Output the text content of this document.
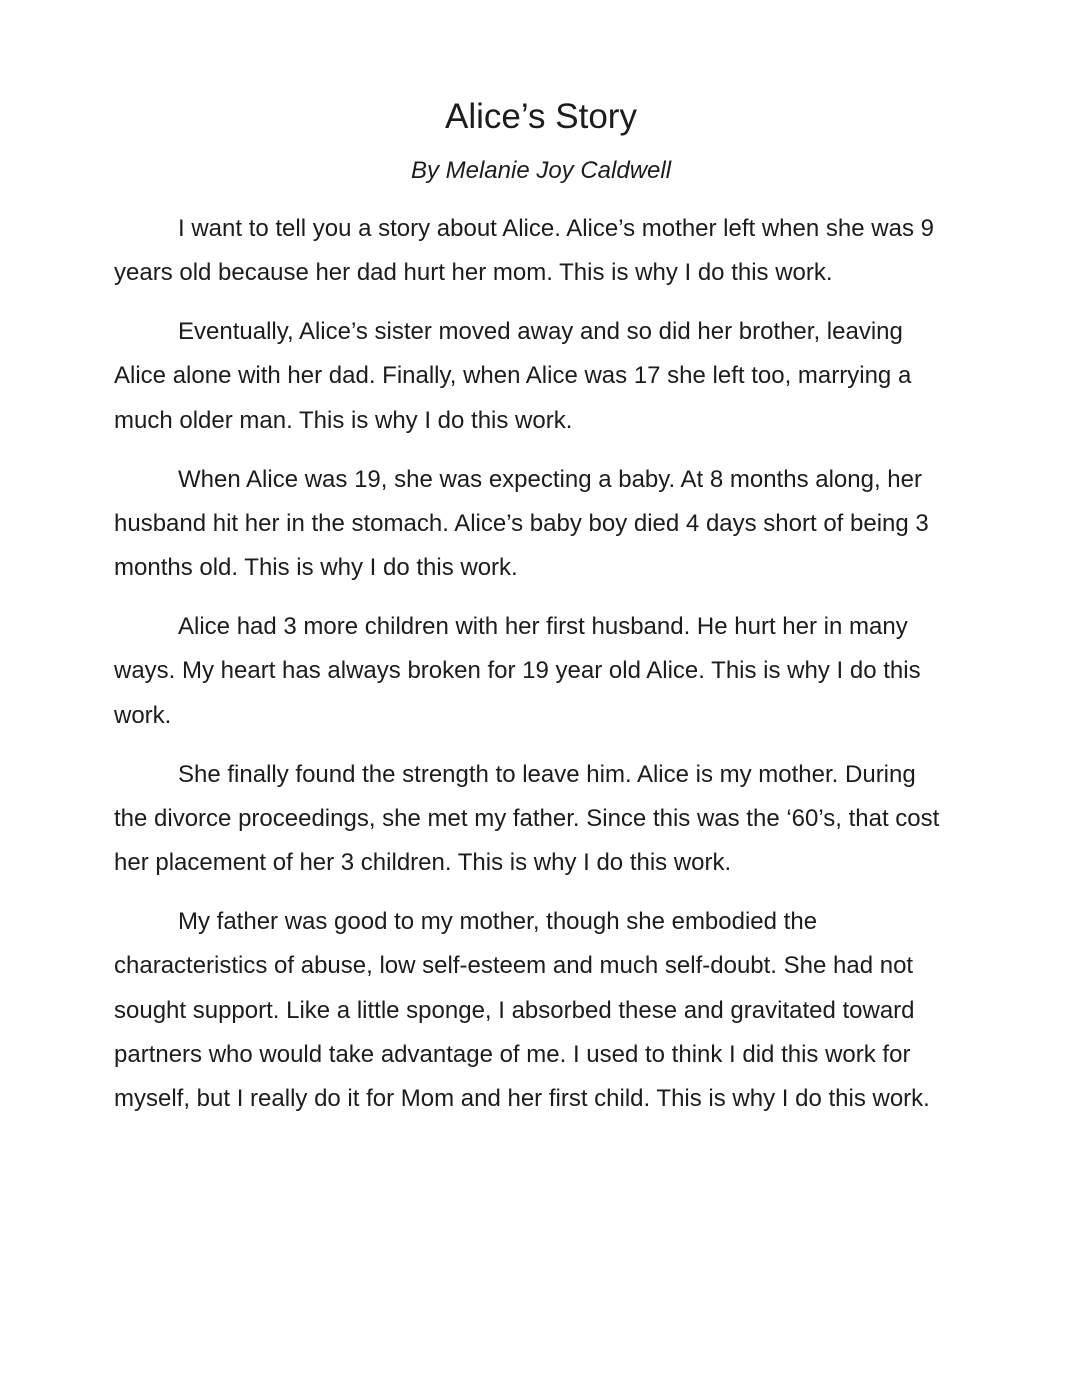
Alice’s Story

By Melanie Joy Caldwell

I want to tell you a story about Alice. Alice’s mother left when she was 9
years old because her dad hurt her mom. This is why I do this work.

Eventually, Alice’s sister moved away and so did her brother, leaving
Alice alone with her dad. Finally, when Alice was 17 she left too, marrying a
much older man. This is why I do this work.

When Alice was 19, she was expecting a baby. At 8 months along, her
husband hit her in the stomach. Alice’s baby boy died 4 days short of being 3
months old. This is why I do this work.

Alice had 3 more children with her first husband. He hurt her in many
ways. My heart has always broken for 19 year old Alice. This is why I do this
work.

She finally found the strength to leave him. Alice is my mother. During
the divorce proceedings, she met my father. Since this was the ‘60’s, that cost
her placement of her 3 children. This is why I do this work.

My father was good to my mother, though she embodied the
characteristics of abuse, low self-esteem and much self-doubt. She had not
sought support. Like a little sponge, I absorbed these and gravitated toward
partners who would take advantage of me. I used to think I did this work for
myself, but I really do it for Mom and her first child. This is why I do this work.
